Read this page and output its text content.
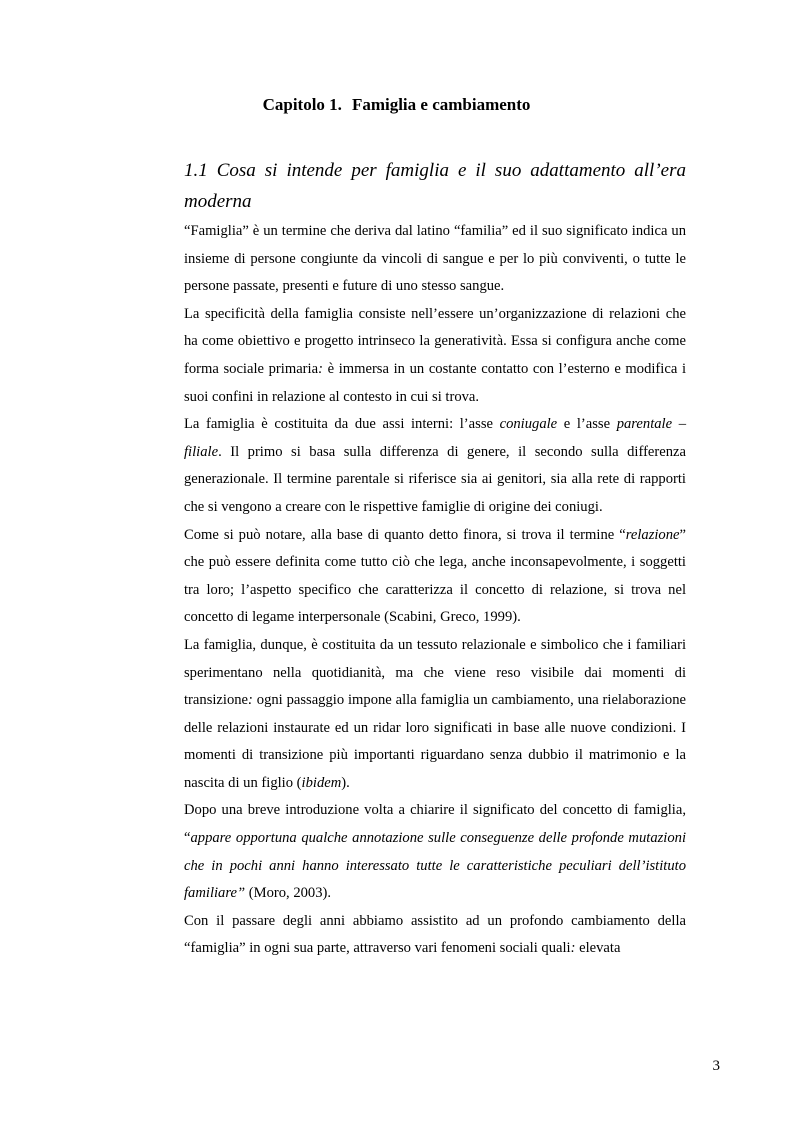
Capitolo 1. Famiglia e cambiamento
1.1 Cosa si intende per famiglia e il suo adattamento all’era moderna

“Famiglia” è un termine che deriva dal latino “familia” ed il suo significato indica un insieme di persone congiunte da vincoli di sangue e per lo più conviventi, o tutte le persone passate, presenti e future di uno stesso sangue.

La specificità della famiglia consiste nell’essere un’organizzazione di relazioni che ha come obiettivo e progetto intrinseco la generatività. Essa si configura anche come forma sociale primaria: è immersa in un costante contatto con l’esterno e modifica i suoi confini in relazione al contesto in cui si trova.

La famiglia è costituita da due assi interni: l’asse coniugale e l’asse parentale – filiale. Il primo si basa sulla differenza di genere, il secondo sulla differenza generazionale. Il termine parentale si riferisce sia ai genitori, sia alla rete di rapporti che si vengono a creare con le rispettive famiglie di origine dei coniugi.

Come si può notare, alla base di quanto detto finora, si trova il termine “relazione” che può essere definita come tutto ciò che lega, anche inconsapevolmente, i soggetti tra loro; l’aspetto specifico che caratterizza il concetto di relazione, si trova nel concetto di legame interpersonale (Scabini, Greco, 1999).

La famiglia, dunque, è costituita da un tessuto relazionale e simbolico che i familiari sperimentano nella quotidianità, ma che viene reso visibile dai momenti di transizione: ogni passaggio impone alla famiglia un cambiamento, una rielaborazione delle relazioni instaurate ed un ridar loro significati in base alle nuove condizioni. I momenti di transizione più importanti riguardano senza dubbio il matrimonio e la nascita di un figlio (ibidem).

Dopo una breve introduzione volta a chiarire il significato del concetto di famiglia, “appare opportuna qualche annotazione sulle conseguenze delle profonde mutazioni che in pochi anni hanno interessato tutte le caratteristiche peculiari dell’istituto familiare” (Moro, 2003).

Con il passare degli anni abbiamo assistito ad un profondo cambiamento della “famiglia” in ogni sua parte, attraverso vari fenomeni sociali quali: elevata

3
